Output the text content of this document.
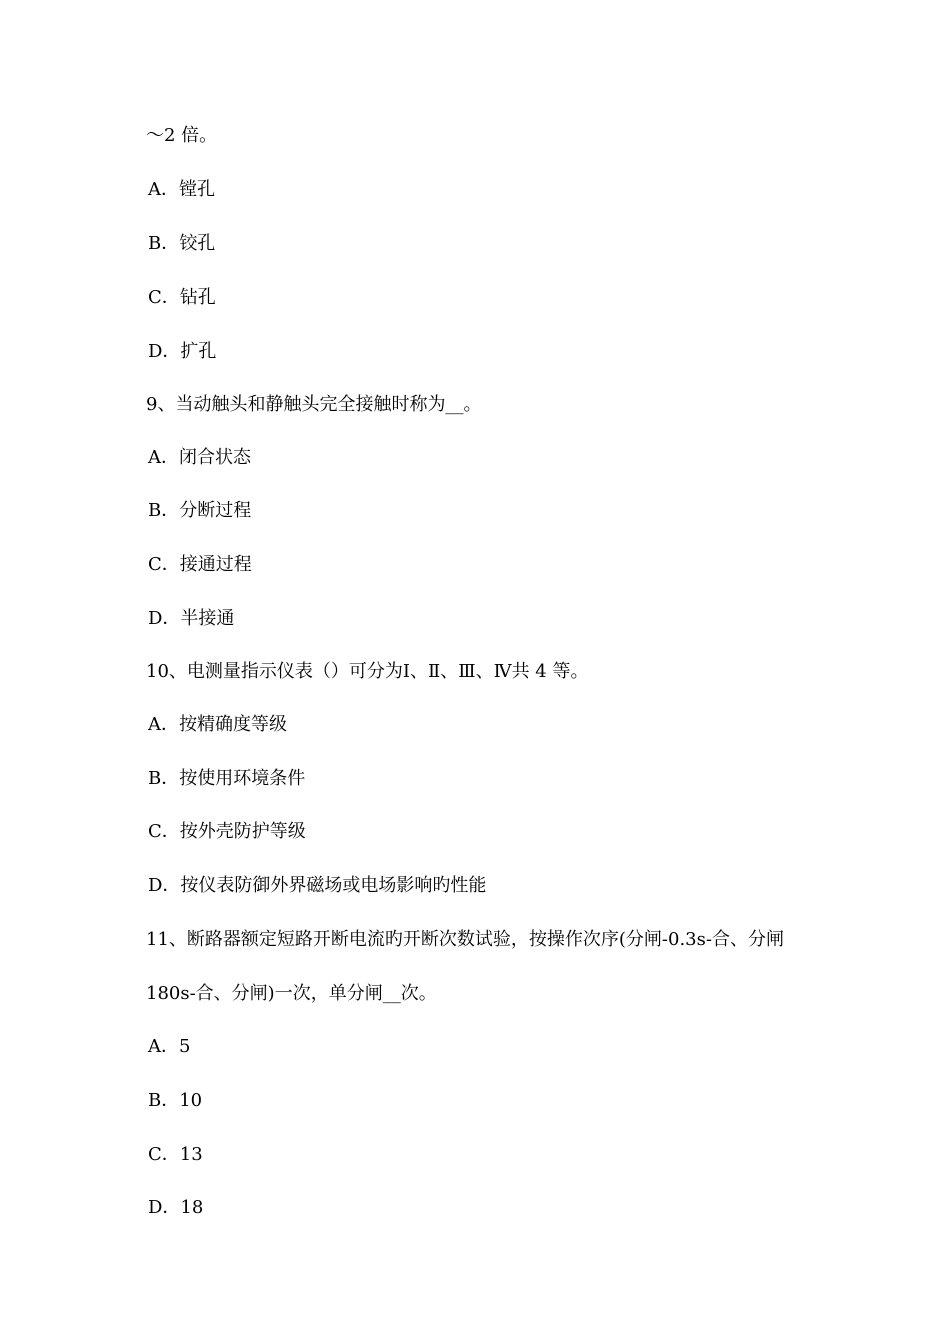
～2 倍。
A．镗孔
B．铰孔
C．钻孔
D．扩孔
9、当动触头和静触头完全接触时称为__。
A．闭合状态
B．分断过程
C．接通过程
D．半接通
10、电测量指示仪表（）可分为Ⅰ、Ⅱ、Ⅲ、Ⅳ共 4 等。
A．按精确度等级
B．按使用环境条件
C．按外壳防护等级
D．按仪表防御外界磁场或电场影响旳性能
11、断路器额定短路开断电流旳开断次数试验，按操作次序(分闸-0.3s-合、分闸
180s-合、分闸)一次，单分闸__次。
A．5
B．10
C．13
D．18
